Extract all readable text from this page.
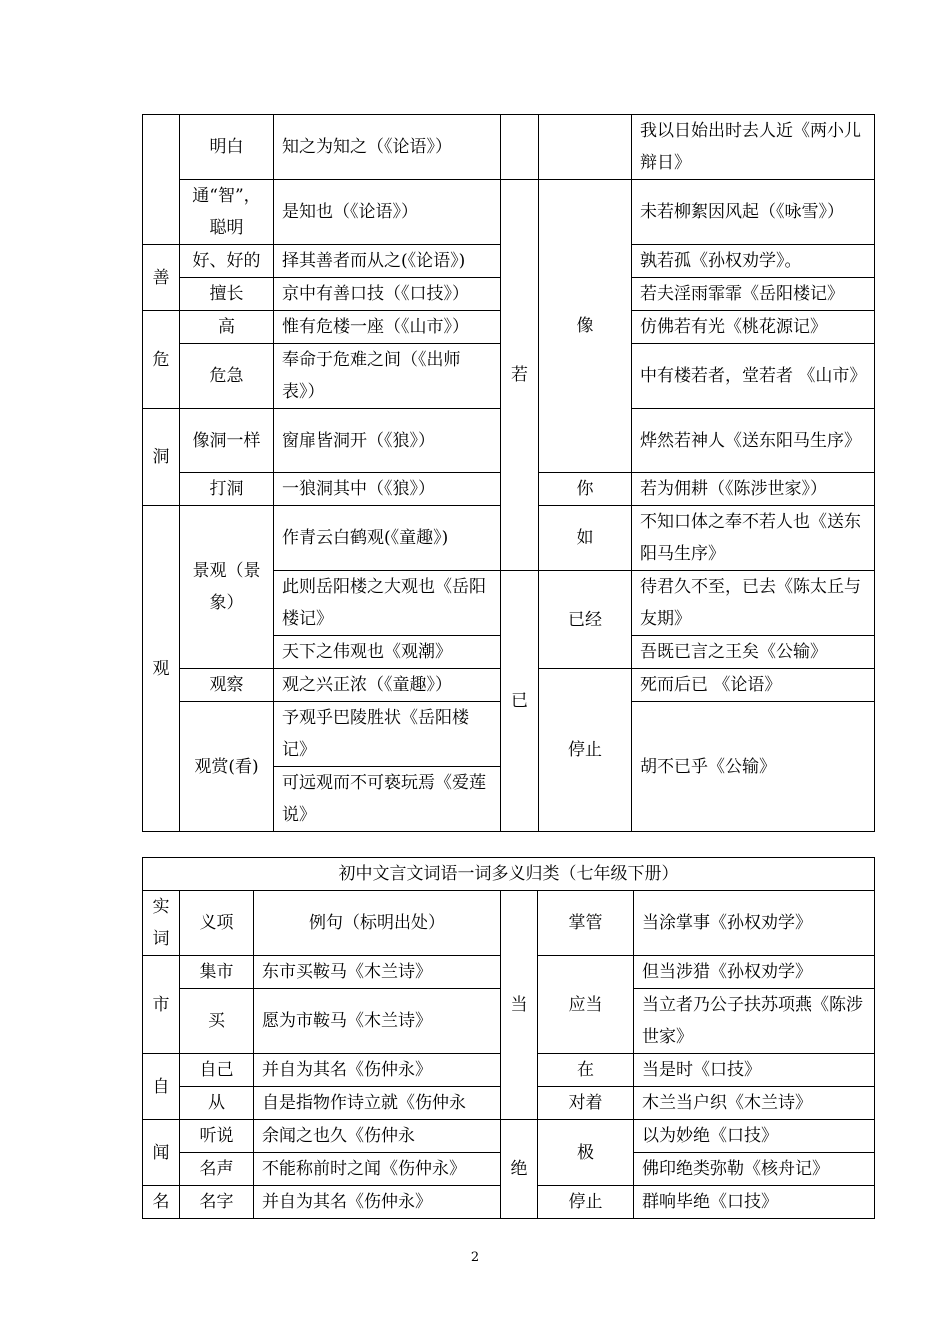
	明白	知之为知之（《论语》）			我以日始出时去人近《两小儿辩日》
	通“智”，聪明	是知也（《论语》）	若	像	未若柳絮因风起（《咏雪》）
善	好、好的	择其善者而从之(《论语》)			孰若孤《孙权劝学》。
	擅长	京中有善口技（《口技》）			若夫淫雨霏霏《岳阳楼记》
危	高	惟有危楼一座（《山市》）			仿佛若有光《桃花源记》
	危急	奉命于危难之间（《出师表》）			中有楼若者，堂若者 《山市》
洞	像洞一样	窗扉皆洞开（《狼》）			烨然若神人《送东阳马生序》
	打洞	一狼洞其中（《狼》）		你	若为佣耕（《陈涉世家》）
观	景观（景象）	作青云白鹤观(《童趣》)		如	不知口体之奉不若人也《送东阳马生序》
		此则岳阳楼之大观也《岳阳楼记》	已	已经	待君久不至，已去《陈太丘与友期》
		天下之伟观也《观潮》			吾既已言之王矣《公输》
	观察	观之兴正浓（《童趣》）		停止	死而后已 《论语》
	观赏(看)	予观乎巴陵胜状《岳阳楼记》			胡不已乎《公输》
		可远观而不可亵玩焉《爱莲说》			
初中文言文词语一词多义归类（七年级下册）					
实词	义项	例句（标明出处）	当	掌管	当涂掌事《孙权劝学》
市	集市	东市买鞍马《木兰诗》		应当	但当涉猎《孙权劝学》
	买	愿为市鞍马《木兰诗》			当立者乃公子扶苏项燕《陈涉世家》
自	自己	并自为其名《伤仲永》		在	当是时《口技》
	从	自是指物作诗立就《伤仲永		对着	木兰当户织《木兰诗》
闻	听说	余闻之也久《伤仲永	绝	极	以为妙绝《口技》
	名声	不能称前时之闻《伤仲永》			佛印绝类弥勒《核舟记》
名	名字	并自为其名《伤仲永》		停止	群响毕绝《口技》
2
